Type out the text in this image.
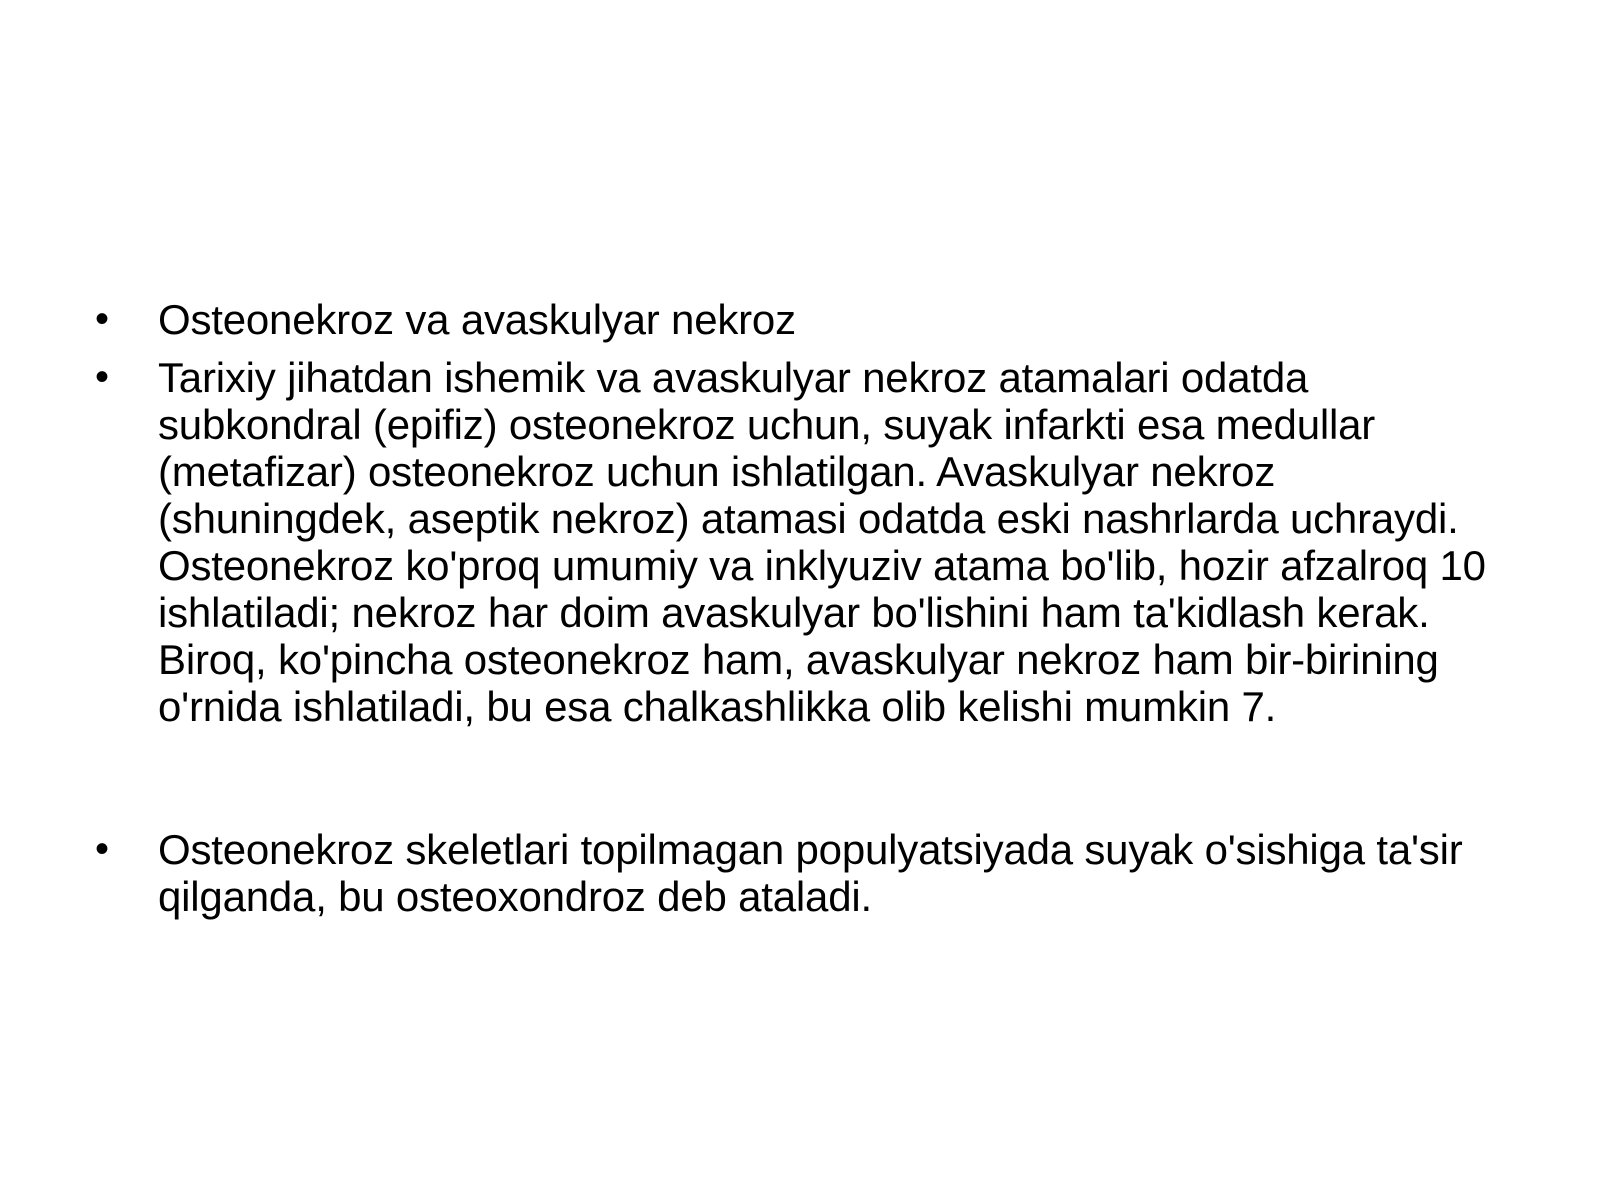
•	Osteonekroz va avaskulyar nekroz
•	Tarixiy jihatdan ishemik va avaskulyar nekroz atamalari odatda subkondral (epifiz) osteonekroz uchun, suyak infarkti esa medullar (metafizar) osteonekroz uchun ishlatilgan. Avaskulyar nekroz (shuningdek, aseptik nekroz) atamasi odatda eski nashrlarda uchraydi. Osteonekroz ko'proq umumiy va inklyuziv atama bo'lib, hozir afzalroq 10 ishlatiladi; nekroz har doim avaskulyar bo'lishini ham ta'kidlash kerak. Biroq, ko'pincha osteonekroz ham, avaskulyar nekroz ham bir-birining o'rnida ishlatiladi, bu esa chalkashlikka olib kelishi mumkin 7.
•	Osteonekroz skeletlari topilmagan populyatsiyada suyak o'sishiga ta'sir qilganda, bu osteoxondroz deb ataladi.
